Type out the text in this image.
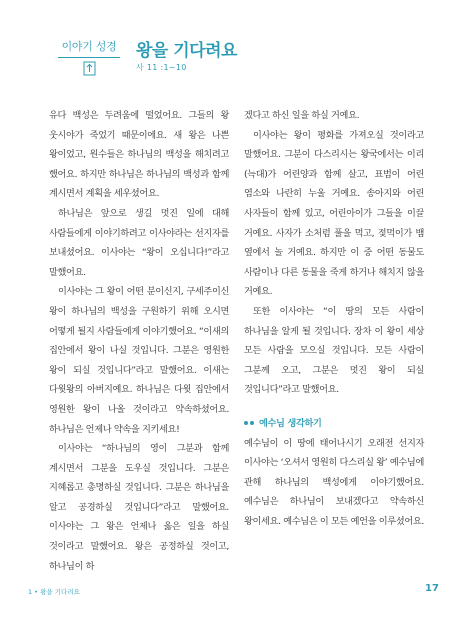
이야기 성경 왕을 기다려요
사 11 :1~10

유다 백성은 두려움에 떨었어요. 그들의 왕 웃시야가 죽었기 때문이에요. 새 왕은 나쁜 왕이었고, 원수들은 하나님의 백성을 해치려고 했어요. 하지만 하나님은 하나님의 백성과 함께 계시면서 계획을 세우셨어요.

하나님은 앞으로 생길 멋진 일에 대해 사람들에게 이야기하려고 이사야라는 선지자를 보내셨어요. 이사야는 “왕이 오십니다!”라고 말했어요.

이사야는 그 왕이 어떤 분이신지, 구세주이신 왕이 하나님의 백성을 구원하기 위해 오시면 어떻게 될지 사람들에게 이야기했어요. “이새의 집안에서 왕이 나실 것입니다. 그분은 영원한 왕이 되실 것입니다”라고 말했어요. 이새는 다윗왕의 아버지예요. 하나님은 다윗 집안에서 영원한 왕이 나올 것이라고 약속하셨어요. 하나님은 언제나 약속을 지키세요!

이사야는 “하나님의 영이 그분과 함께 계시면서 그분을 도우실 것입니다. 그분은 지혜롭고 총명하실 것입니다. 그분은 하나님을 알고 공경하실 것입니다”라고 말했어요. 이사야는 그 왕은 언제나 옳은 일을 하실 것이라고 말했어요. 왕은 공정하실 것이고, 하나님이 하

겠다고 하신 일을 하실 거예요.

이사야는 왕이 평화를 가져오실 것이라고 말했어요. 그분이 다스리시는 왕국에서는 이리(늑대)가 어린양과 함께 살고, 표범이 어린 염소와 나란히 누울 거예요. 송아지와 어린 사자들이 함께 있고, 어린아이가 그들을 이끌 거예요. 사자가 소처럼 풀을 먹고, 젖먹이가 뱀 옆에서 놀 거예요. 하지만 이 중 어떤 동물도 사람이나 다른 동물을 죽게 하거나 해치지 않을 거예요.

또한 이사야는 “이 땅의 모든 사람이 하나님을 알게 될 것입니다. 장차 이 왕이 세상 모든 사람을 모으실 것입니다. 모든 사람이 그분께 오고, 그분은 멋진 왕이 되실 것입니다”라고 말했어요.

예수님 생각하기

예수님이 이 땅에 태어나시기 오래전 선지자 이사야는 ‘오셔서 영원히 다스리실 왕’ 예수님에 관해 하나님의 백성에게 이야기했어요. 예수님은 하나님이 보내겠다고 약속하신 왕이세요. 예수님은 이 모든 예언을 이루셨어요.

1 • 왕을 기다려요	17
